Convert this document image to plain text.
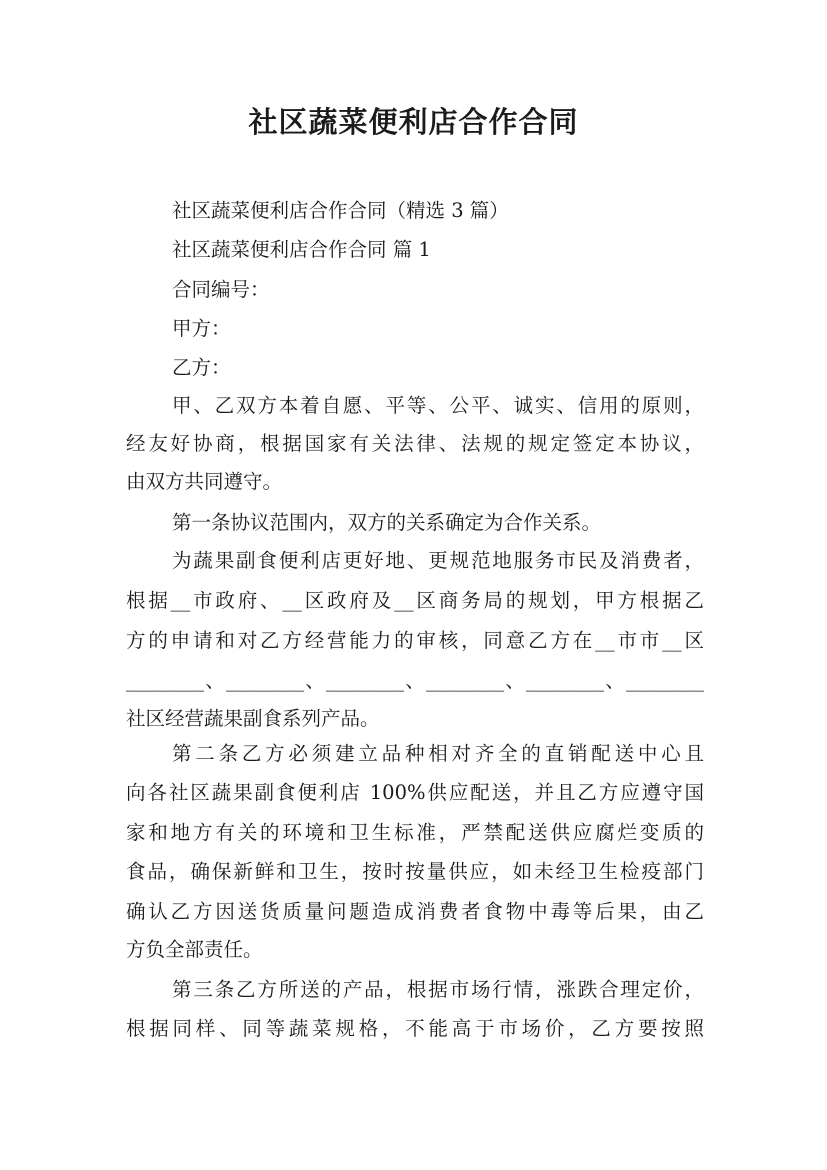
社区蔬菜便利店合作合同
社区蔬菜便利店合作合同（精选 3 篇）
社区蔬菜便利店合作合同 篇 1
合同编号：
甲方：
乙方：
甲、乙双方本着自愿、平等、公平、诚实、信用的原则，
经友好协商，根据国家有关法律、法规的规定签定本协议，
由双方共同遵守。
第一条协议范围内，双方的关系确定为合作关系。
为蔬果副食便利店更好地、更规范地服务市民及消费者，
根据__市政府、__区政府及__区商务局的规划，甲方根据乙
方的申请和对乙方经营能力的审核，同意乙方在__市市__区
________、________、________、________、________、________
社区经营蔬果副食系列产品。
第二条乙方必须建立品种相对齐全的直销配送中心且
向各社区蔬果副食便利店 100%供应配送，并且乙方应遵守国
家和地方有关的环境和卫生标准，严禁配送供应腐烂变质的
食品，确保新鲜和卫生，按时按量供应，如未经卫生检疫部门
确认乙方因送货质量问题造成消费者食物中毒等后果，由乙
方负全部责任。
第三条乙方所送的产品，根据市场行情，涨跌合理定价，
根据同样、同等蔬菜规格，不能高于市场价，乙方要按照
